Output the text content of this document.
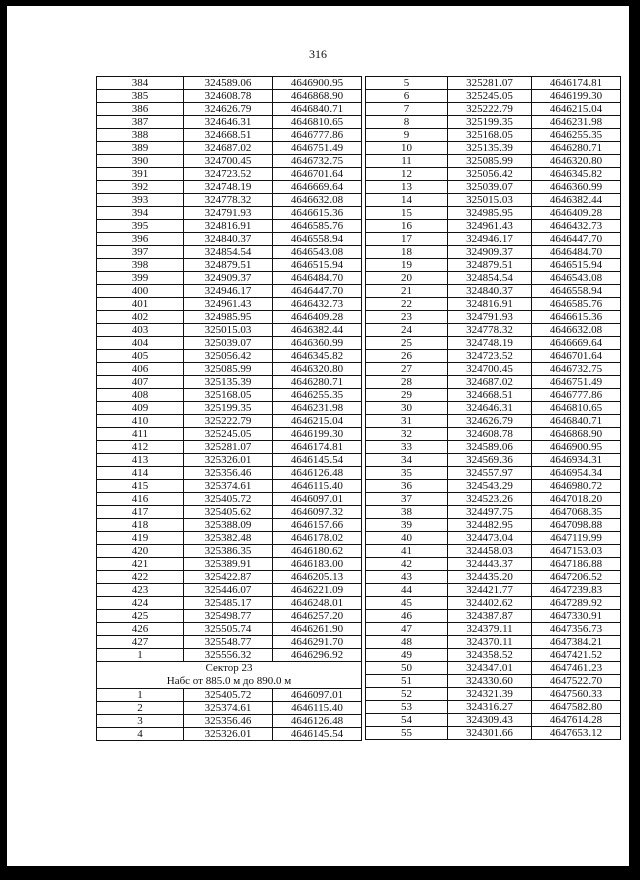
316
384	324589.06	4646900.95
385	324608.78	4646868.90
386	324626.79	4646840.71
387	324646.31	4646810.65
388	324668.51	4646777.86
389	324687.02	4646751.49
390	324700.45	4646732.75
391	324723.52	4646701.64
392	324748.19	4646669.64
393	324778.32	4646632.08
394	324791.93	4646615.36
395	324816.91	4646585.76
396	324840.37	4646558.94
397	324854.54	4646543.08
398	324879.51	4646515.94
399	324909.37	4646484.70
400	324946.17	4646447.70
401	324961.43	4646432.73
402	324985.95	4646409.28
403	325015.03	4646382.44
404	325039.07	4646360.99
405	325056.42	4646345.82
406	325085.99	4646320.80
407	325135.39	4646280.71
408	325168.05	4646255.35
409	325199.35	4646231.98
410	325222.79	4646215.04
411	325245.05	4646199.30
412	325281.07	4646174.81
413	325326.01	4646145.54
414	325356.46	4646126.48
415	325374.61	4646115.40
416	325405.72	4646097.01
417	325405.62	4646097.32
418	325388.09	4646157.66
419	325382.48	4646178.02
420	325386.35	4646180.62
421	325389.91	4646183.00
422	325422.87	4646205.13
423	325446.07	4646221.09
424	325485.17	4646248.01
425	325498.77	4646257.20
426	325505.74	4646261.90
427	325548.77	4646291.70
1	325556.32	4646296.92
Сектор 23		
Набс от 885.0 м до 890.0 м		
1	325405.72	4646097.01
2	325374.61	4646115.40
3	325356.46	4646126.48
4	325326.01	4646145.54
5	325281.07	4646174.81
6	325245.05	4646199.30
7	325222.79	4646215.04
8	325199.35	4646231.98
9	325168.05	4646255.35
10	325135.39	4646280.71
11	325085.99	4646320.80
12	325056.42	4646345.82
13	325039.07	4646360.99
14	325015.03	4646382.44
15	324985.95	4646409.28
16	324961.43	4646432.73
17	324946.17	4646447.70
18	324909.37	4646484.70
19	324879.51	4646515.94
20	324854.54	4646543.08
21	324840.37	4646558.94
22	324816.91	4646585.76
23	324791.93	4646615.36
24	324778.32	4646632.08
25	324748.19	4646669.64
26	324723.52	4646701.64
27	324700.45	4646732.75
28	324687.02	4646751.49
29	324668.51	4646777.86
30	324646.31	4646810.65
31	324626.79	4646840.71
32	324608.78	4646868.90
33	324589.06	4646900.95
34	324569.36	4646934.31
35	324557.97	4646954.34
36	324543.29	4646980.72
37	324523.26	4647018.20
38	324497.75	4647068.35
39	324482.95	4647098.88
40	324473.04	4647119.99
41	324458.03	4647153.03
42	324443.37	4647186.88
43	324435.20	4647206.52
44	324421.77	4647239.83
45	324402.62	4647289.92
46	324387.87	4647330.91
47	324379.11	4647356.73
48	324370.11	4647384.21
49	324358.52	4647421.52
50	324347.01	4647461.23
51	324330.60	4647522.70
52	324321.39	4647560.33
53	324316.27	4647582.80
54	324309.43	4647614.28
55	324301.66	4647653.12
